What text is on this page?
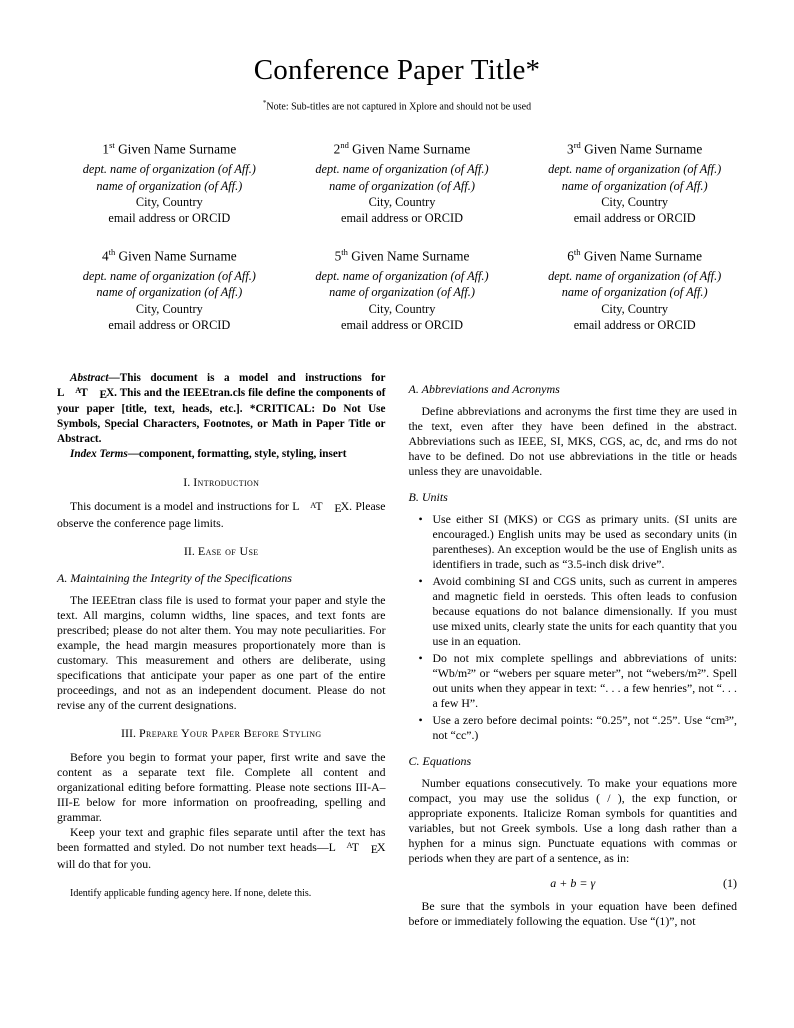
Conference Paper Title*
*Note: Sub-titles are not captured in Xplore and should not be used
1st Given Name Surname
dept. name of organization (of Aff.)
name of organization (of Aff.)
City, Country
email address or ORCID
2nd Given Name Surname
dept. name of organization (of Aff.)
name of organization (of Aff.)
City, Country
email address or ORCID
3rd Given Name Surname
dept. name of organization (of Aff.)
name of organization (of Aff.)
City, Country
email address or ORCID
4th Given Name Surname
dept. name of organization (of Aff.)
name of organization (of Aff.)
City, Country
email address or ORCID
5th Given Name Surname
dept. name of organization (of Aff.)
name of organization (of Aff.)
City, Country
email address or ORCID
6th Given Name Surname
dept. name of organization (of Aff.)
name of organization (of Aff.)
City, Country
email address or ORCID

Abstract—This document is a model and instructions for L AT EX. This and the IEEEtran.cls file define the components of your paper [title, text, heads, etc.]. *CRITICAL: Do Not Use Symbols, Special Characters, Footnotes, or Math in Paper Title or Abstract.

Index Terms—component, formatting, style, styling, insert

I. Introduction

This document is a model and instructions for L AT EX. Please observe the conference page limits.

II. Ease of Use
A. Maintaining the Integrity of the Specifications

The IEEEtran class file is used to format your paper and style the text. All margins, column widths, line spaces, and text fonts are prescribed; please do not alter them. You may note peculiarities. For example, the head margin measures proportionately more than is customary. This measurement and others are deliberate, using specifications that anticipate your paper as one part of the entire proceedings, and not as an independent document. Please do not revise any of the current designations.

III. Prepare Your Paper Before Styling

Before you begin to format your paper, first write and save the content as a separate text file. Complete all content and organizational editing before formatting. Please note sections III-A–III-E below for more information on proofreading, spelling and grammar.

Keep your text and graphic files separate until after the text has been formatted and styled. Do not number text heads—L AT EX will do that for you.

Identify applicable funding agency here. If none, delete this.

A. Abbreviations and Acronyms

Define abbreviations and acronyms the first time they are used in the text, even after they have been defined in the abstract. Abbreviations such as IEEE, SI, MKS, CGS, ac, dc, and rms do not have to be defined. Do not use abbreviations in the title or heads unless they are unavoidable.

B. Units
• Use either SI (MKS) or CGS as primary units. (SI units are encouraged.) English units may be used as secondary units (in parentheses). An exception would be the use of English units as identifiers in trade, such as “3.5-inch disk drive”.
• Avoid combining SI and CGS units, such as current in amperes and magnetic field in oersteds. This often leads to confusion because equations do not balance dimensionally. If you must use mixed units, clearly state the units for each quantity that you use in an equation.
• Do not mix complete spellings and abbreviations of units: “Wb/m²” or “webers per square meter”, not “webers/m²”. Spell out units when they appear in text: “. . . a few henries”, not “. . . a few H”.
• Use a zero before decimal points: “0.25”, not “.25”. Use “cm³”, not “cc”.)
C. Equations

Number equations consecutively. To make your equations more compact, you may use the solidus ( / ), the exp function, or appropriate exponents. Italicize Roman symbols for quantities and variables, but not Greek symbols. Use a long dash rather than a hyphen for a minus sign. Punctuate equations with commas or periods when they are part of a sentence, as in:

a + b = γ	(1)

Be sure that the symbols in your equation have been defined before or immediately following the equation. Use “(1)”, not
